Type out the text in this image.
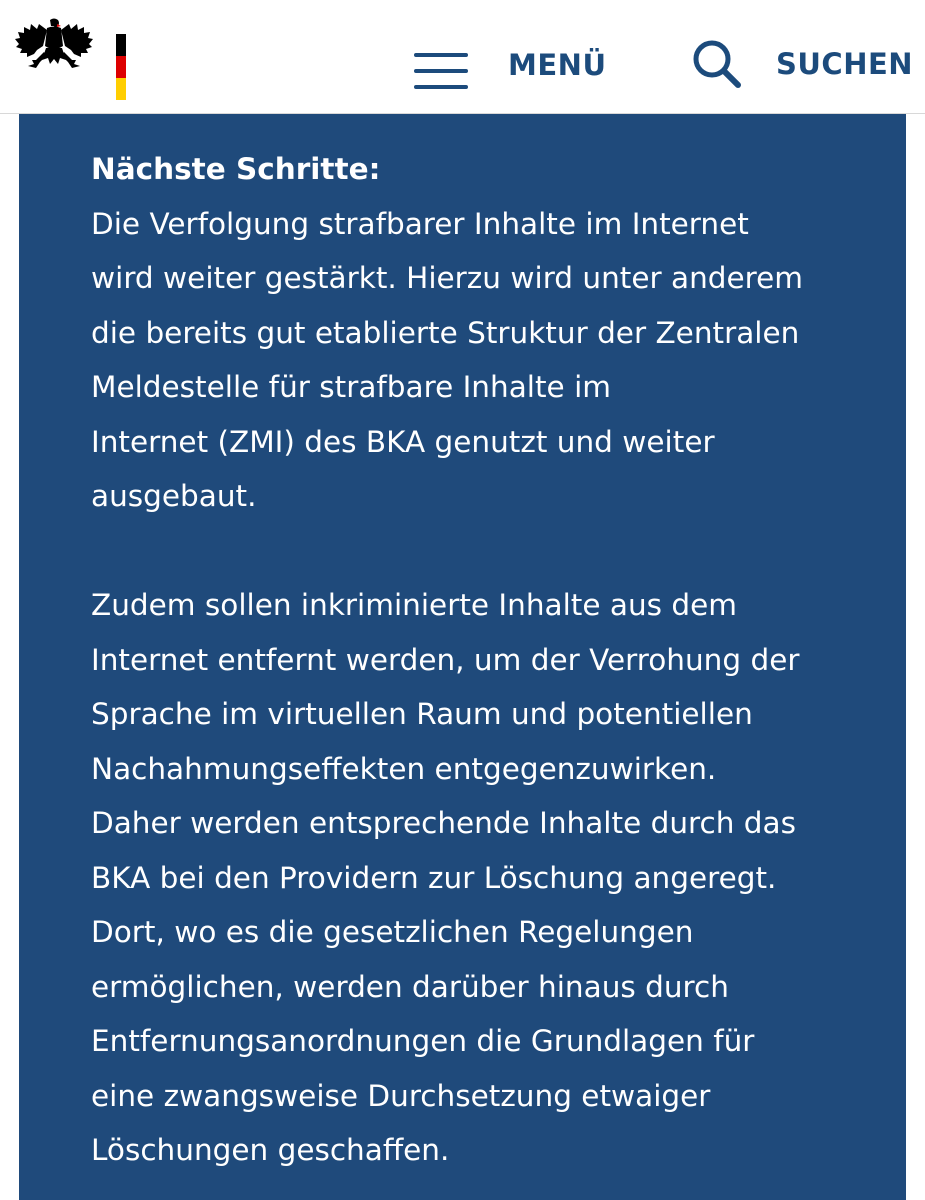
MENÜ	SUCHEN
Nächste Schritte:
Die Verfolgung strafbarer Inhalte im Internet
wird weiter gestärkt. Hierzu wird unter anderem
die bereits gut etablierte Struktur der Zentralen
Meldestelle für strafbare Inhalte im
Internet (ZMI) des BKA genutzt und weiter
ausgebaut.
Zudem sollen inkriminierte Inhalte aus dem
Internet entfernt werden, um der Verrohung der
Sprache im virtuellen Raum und potentiellen
Nachahmungseffekten entgegenzuwirken.
Daher werden entsprechende Inhalte durch das
BKA bei den Providern zur Löschung angeregt.
Dort, wo es die gesetzlichen Regelungen
ermöglichen, werden darüber hinaus durch
Entfernungsanordnungen die Grundlagen für
eine zwangsweise Durchsetzung etwaiger
Löschungen geschaffen.
